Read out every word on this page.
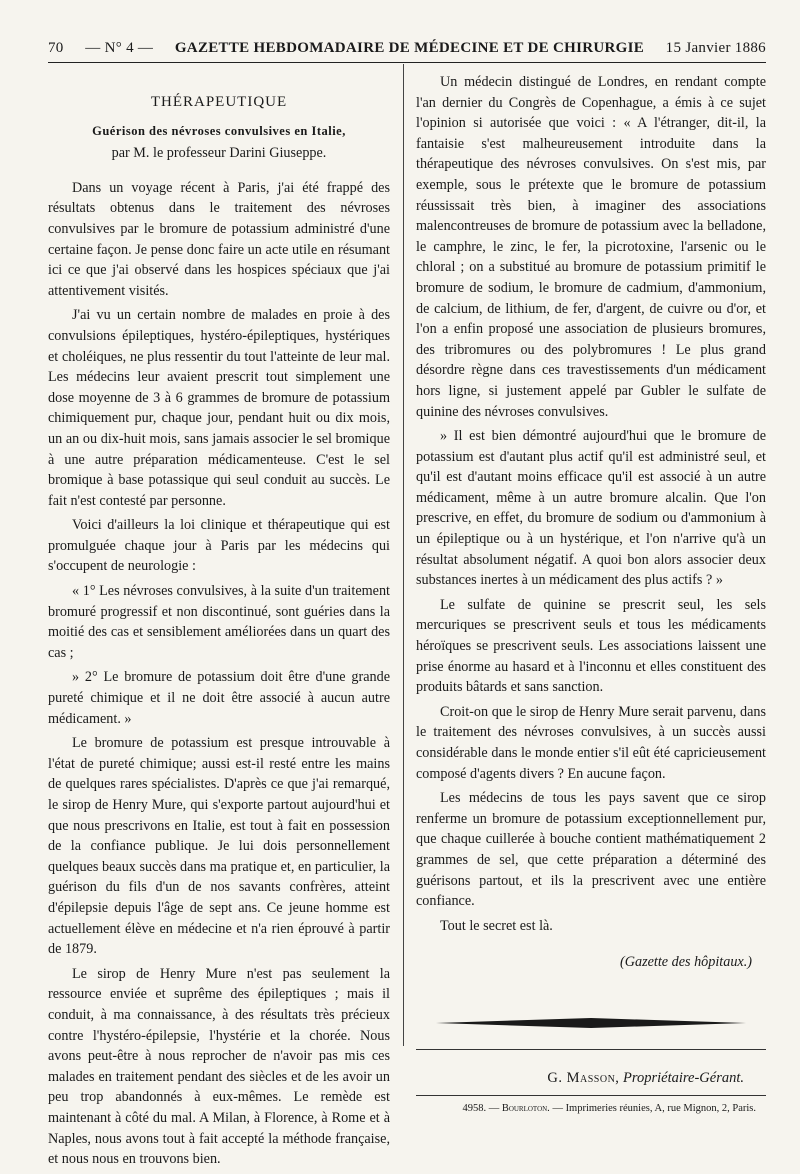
70 — N° 4 — GAZETTE HEBDOMADAIRE DE MÉDECINE ET DE CHIRURGIE 15 Janvier 1886
THÉRAPEUTIQUE
Guérison des névroses convulsives en Italie,
par M. le professeur Darini Giuseppe.

Dans un voyage récent à Paris, j'ai été frappé des résultats obtenus dans le traitement des névroses convulsives par le bromure de potassium administré d'une certaine façon. Je pense donc faire un acte utile en résumant ici ce que j'ai observé dans les hospices spéciaux que j'ai attentivement visités.

J'ai vu un certain nombre de malades en proie à des convulsions épileptiques, hystéro-épileptiques, hystériques et choléiques, ne plus ressentir du tout l'atteinte de leur mal. Les médecins leur avaient prescrit tout simplement une dose moyenne de 3 à 6 grammes de bromure de potassium chimiquement pur, chaque jour, pendant huit ou dix mois, un an ou dix-huit mois, sans jamais associer le sel bromique à une autre préparation médicamenteuse. C'est le sel bromique à base potassique qui seul conduit au succès. Le fait n'est contesté par personne.

Voici d'ailleurs la loi clinique et thérapeutique qui est promulguée chaque jour à Paris par les médecins qui s'occupent de neurologie :

« 1° Les névroses convulsives, à la suite d'un traitement bromuré progressif et non discontinué, sont guéries dans la moitié des cas et sensiblement améliorées dans un quart des cas ;

» 2° Le bromure de potassium doit être d'une grande pureté chimique et il ne doit être associé à aucun autre médicament. »

Le bromure de potassium est presque introuvable à l'état de pureté chimique; aussi est-il resté entre les mains de quelques rares spécialistes. D'après ce que j'ai remarqué, le sirop de Henry Mure, qui s'exporte partout aujourd'hui et que nous prescrivons en Italie, est tout à fait en possession de la confiance publique. Je lui dois personnellement quelques beaux succès dans ma pratique et, en particulier, la guérison du fils d'un de nos savants confrères, atteint d'épilepsie depuis l'âge de sept ans. Ce jeune homme est actuellement élève en médecine et n'a rien éprouvé à partir de 1879.

Le sirop de Henry Mure n'est pas seulement la ressource enviée et suprême des épileptiques ; mais il conduit, à ma connaissance, à des résultats très précieux contre l'hystéro-épilepsie, l'hystérie et la chorée. Nous avons peut-être à nous reprocher de n'avoir pas mis ces malades en traitement pendant des siècles et de les avoir un peu trop abandonnés à eux-mêmes. Le remède est maintenant à côté du mal. A Milan, à Florence, à Rome et à Naples, nous avons tout à fait accepté la méthode française, et nous nous en trouvons bien.

Un médecin distingué de Londres, en rendant compte l'an dernier du Congrès de Copenhague, a émis à ce sujet l'opinion si autorisée que voici : « A l'étranger, dit-il, la fantaisie s'est malheureusement introduite dans la thérapeutique des névroses convulsives. On s'est mis, par exemple, sous le prétexte que le bromure de potassium réussissait très bien, à imaginer des associations malencontreuses de bromure de potassium avec la belladone, le camphre, le zinc, le fer, la picrotoxine, l'arsenic ou le chloral ; on a substitué au bromure de potassium primitif le bromure de sodium, le bromure de cadmium, d'ammonium, de calcium, de lithium, de fer, d'argent, de cuivre ou d'or, et l'on a enfin proposé une association de plusieurs bromures, des tribromures ou des polybromures ! Le plus grand désordre règne dans ces travestissements d'un médicament hors ligne, si justement appelé par Gubler le sulfate de quinine des névroses convulsives.

» Il est bien démontré aujourd'hui que le bromure de potassium est d'autant plus actif qu'il est administré seul, et qu'il est d'autant moins efficace qu'il est associé à un autre médicament, même à un autre bromure alcalin. Que l'on prescrive, en effet, du bromure de sodium ou d'ammonium à un épileptique ou à un hystérique, et l'on n'arrive qu'à un résultat absolument négatif. A quoi bon alors associer deux substances inertes à un médicament des plus actifs ? »

Le sulfate de quinine se prescrit seul, les sels mercuriques se prescrivent seuls et tous les médicaments héroïques se prescrivent seuls. Les associations laissent une prise énorme au hasard et à l'inconnu et elles constituent des produits bâtards et sans sanction.

Croit-on que le sirop de Henry Mure serait parvenu, dans le traitement des névroses convulsives, à un succès aussi considérable dans le monde entier s'il eût été capricieusement composé d'agents divers ? En aucune façon.

Les médecins de tous les pays savent que ce sirop renferme un bromure de potassium exceptionnellement pur, que chaque cuillerée à bouche contient mathématiquement 2 grammes de sel, que cette préparation a déterminé des guérisons partout, et ils la prescrivent avec une entière confiance.

Tout le secret est là.

(Gazette des hôpitaux.)
G. Masson, Propriétaire-Gérant.
4958. — Bourloton. — Imprimeries réunies, A, rue Mignon, 2, Paris.
